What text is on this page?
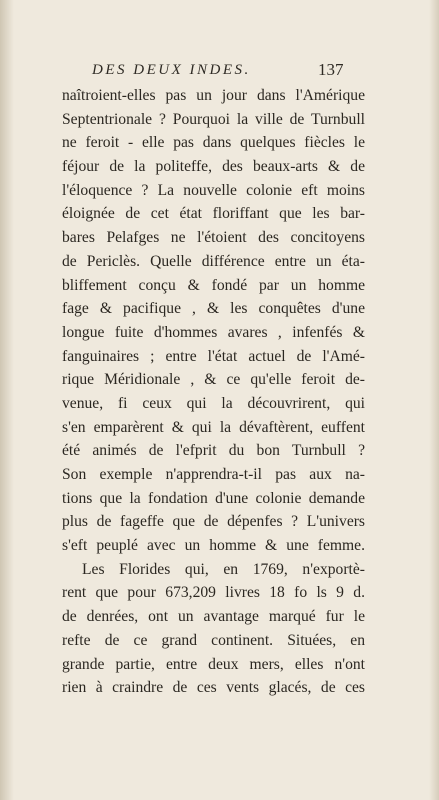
DES DEUX INDES.	137
naîtroient-elles pas un jour dans l'Amérique
Septentrionale ? Pourquoi la ville de Turnbull
ne feroit - elle pas dans quelques fiècles le
féjour de la politeffe, des beaux-arts & de
l'éloquence ? La nouvelle colonie eft moins
éloignée de cet état floriffant que les bar-
bares Pelafges ne l'étoient des concitoyens
de Periclès. Quelle différence entre un éta-
bliffement conçu & fondé par un homme
fage & pacifique , & les conquêtes d'une
longue fuite d'hommes avares , infenfés &
fanguinaires ; entre l'état actuel de l'Amé-
rique Méridionale , & ce qu'elle feroit de-
venue, fi ceux qui la découvrirent, qui
s'en emparèrent & qui la dévaftèrent, euffent
été animés de l'efprit du bon Turnbull ?
Son exemple n'apprendra-t-il pas aux na-
tions que la fondation d'une colonie demande
plus de fageffe que de dépenfes ? L'univers
s'eft peuplé avec un homme & une femme.
Les Florides qui, en 1769, n'exportè-
rent que pour 673,209 livres 18 fo ls 9 d.
de denrées, ont un avantage marqué fur le
refte de ce grand continent. Situées, en
grande partie, entre deux mers, elles n'ont
rien à craindre de ces vents glacés, de ces
